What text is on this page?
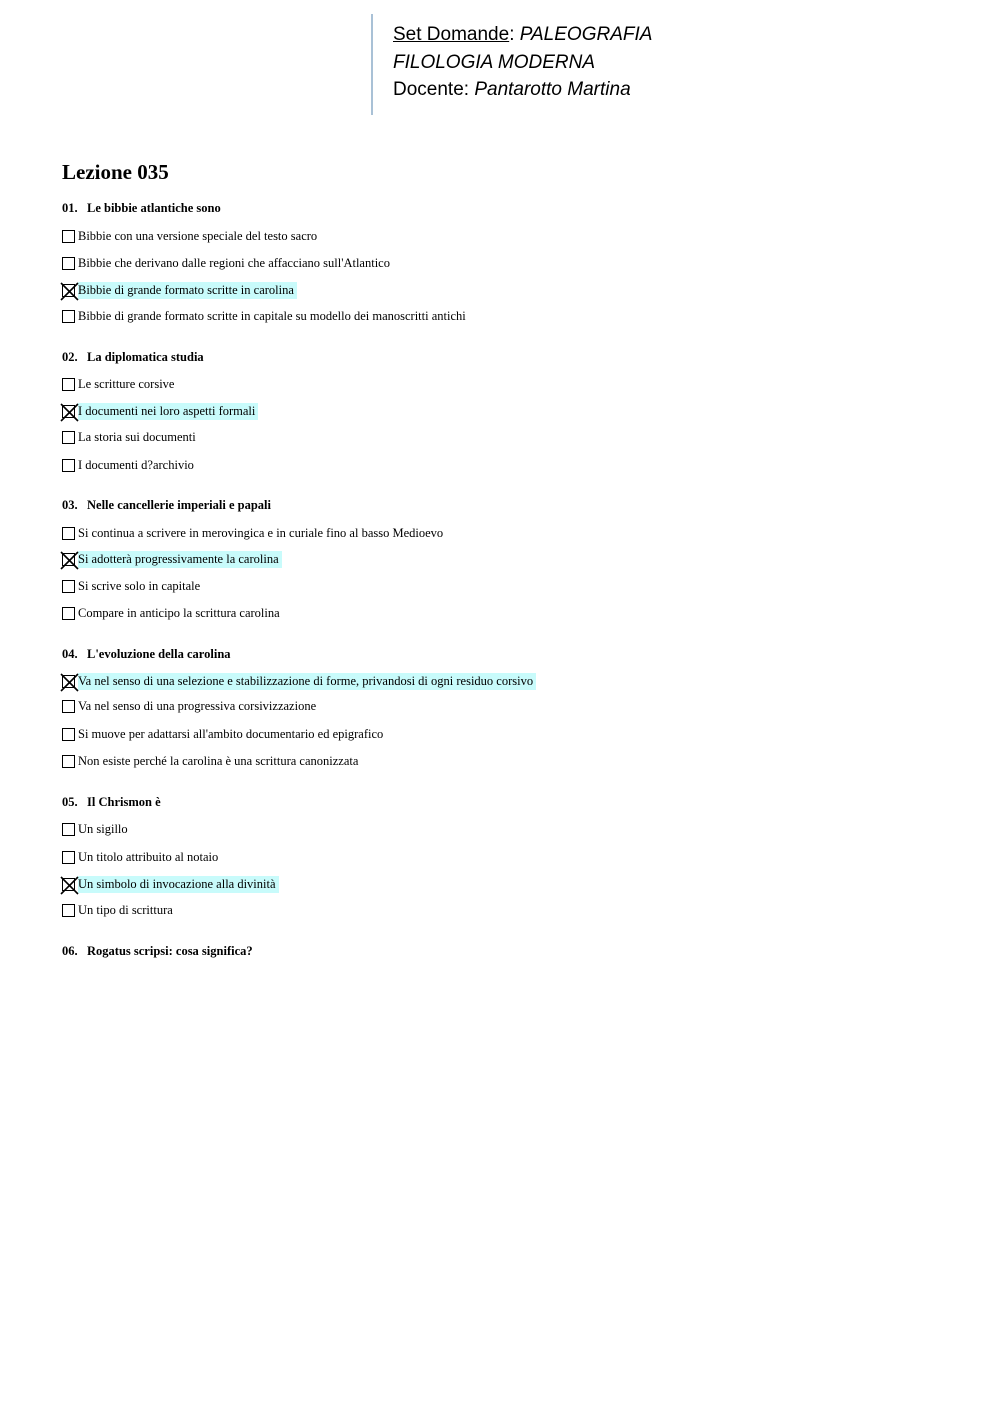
Set Domande: PALEOGRAFIA
FILOLOGIA MODERNA
Docente: Pantarotto Martina
Lezione 035
01. Le bibbie atlantiche sono
Bibbie con una versione speciale del testo sacro
Bibbie che derivano dalle regioni che affacciano sull'Atlantico
Bibbie di grande formato scritte in carolina
Bibbie di grande formato scritte in capitale su modello dei manoscritti antichi
02. La diplomatica studia
Le scritture corsive
I documenti nei loro aspetti formali
La storia sui documenti
I documenti d?archivio
03. Nelle cancellerie imperiali e papali
Si continua a scrivere in merovingica e in curiale fino al basso Medioevo
Si adotterà progressivamente la carolina
Si scrive solo in capitale
Compare in anticipo la scrittura carolina
04. L'evoluzione della carolina
Va nel senso di una selezione e stabilizzazione di forme, privandosi di ogni residuo corsivo
Va nel senso di una progressiva corsivizzazione
Si muove per adattarsi all'ambito documentario ed epigrafico
Non esiste perché la carolina è una scrittura canonizzata
05. Il Chrismon è
Un sigillo
Un titolo attribuito al notaio
Un simbolo di invocazione alla divinità
Un tipo di scrittura
06. Rogatus scripsi: cosa significa?
